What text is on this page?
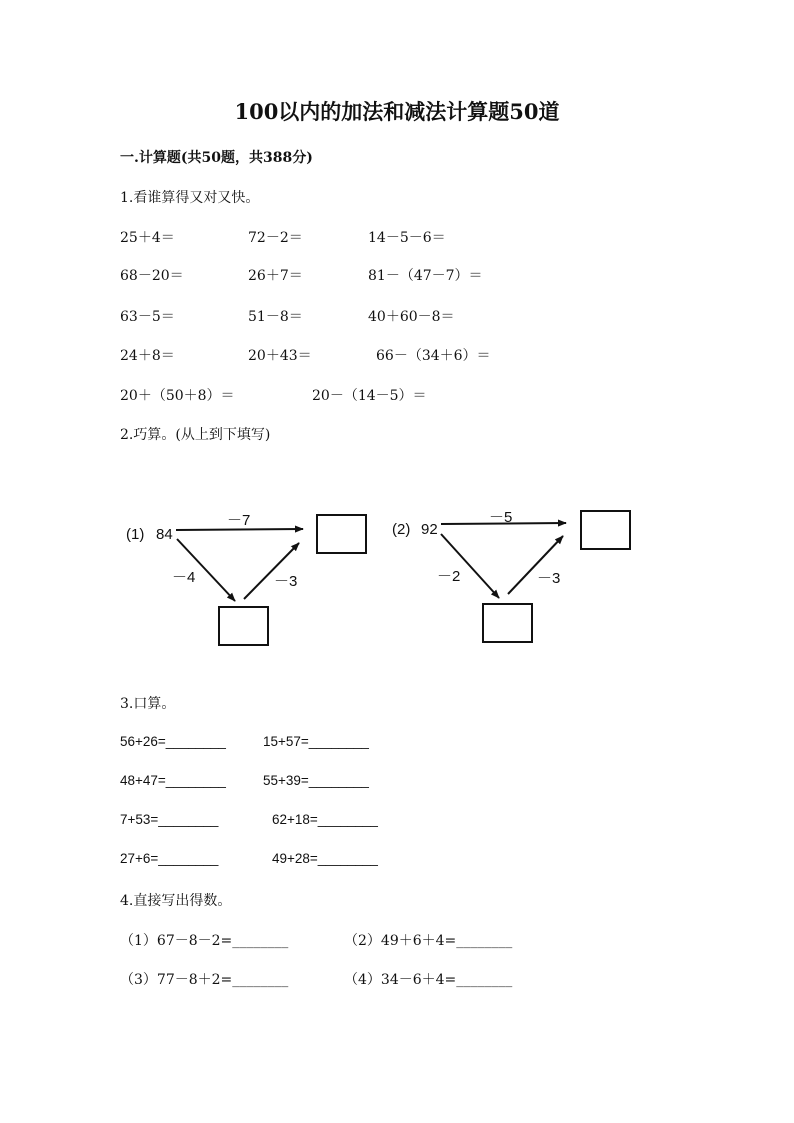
100以内的加法和减法计算题50道
一.计算题(共50题，共388分)
1.看谁算得又对又快。
25＋4＝	72－2＝	14－5－6＝
68－20＝	26＋7＝	81－（47－7）＝
63－5＝	51－8＝	40＋60－8＝
24＋8＝	20＋43＝	66－（34＋6）＝
20＋（50＋8）＝	20－（14－5）＝
2.巧算。(从上到下填写)
(1) 84
－7
－4	－3
(2) 92
－5
－2	－3
3.口算。
56+26=________	15+57=________
48+47=________	55+39=________
7+53=________	62+18=________
27+6=________	49+28=________
4.直接写出得数。
（1）67－8－2=________	（2）49＋6＋4=________
（3）77－8＋2=________	（4）34－6＋4=________
